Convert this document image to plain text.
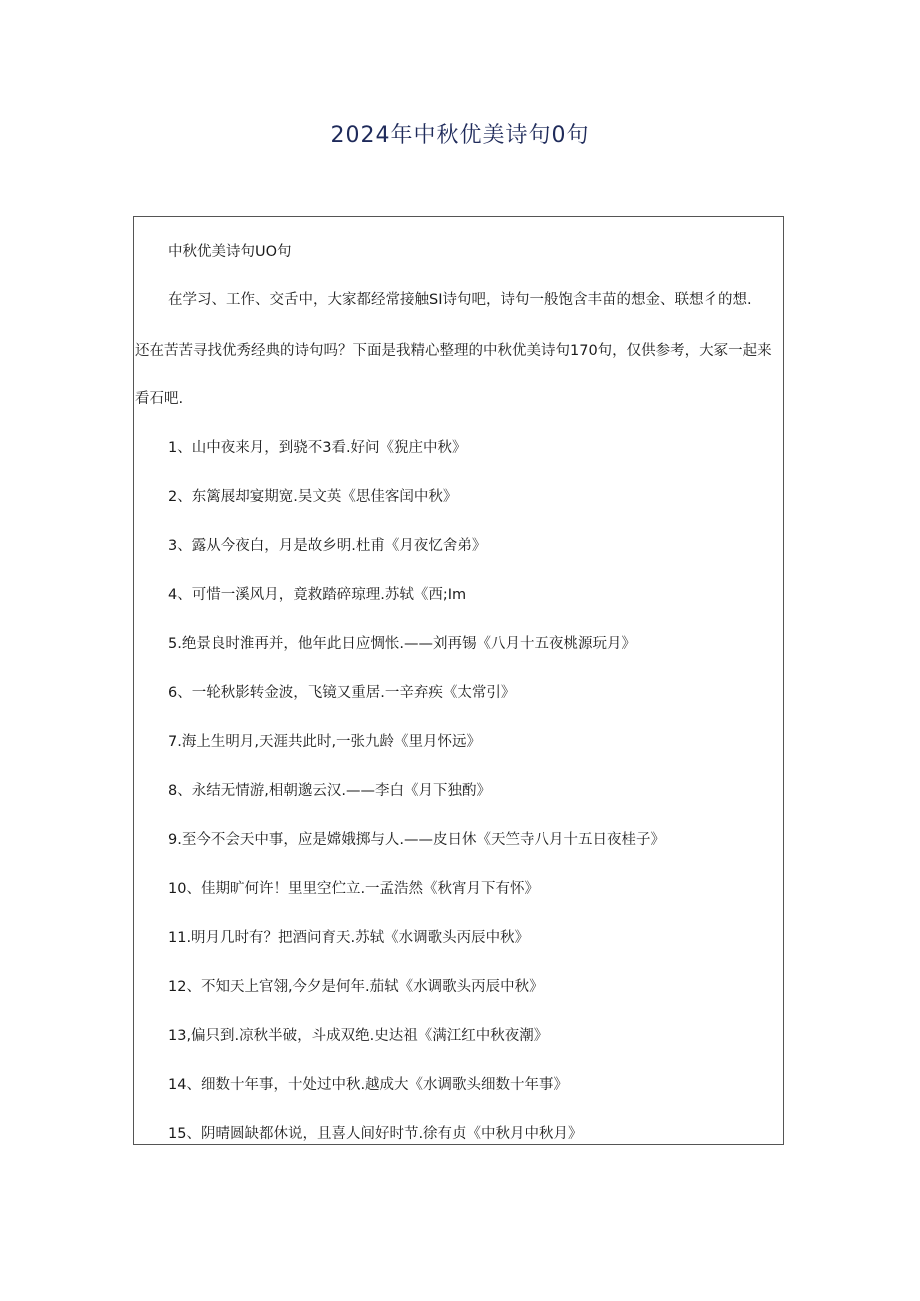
2024年中秋优美诗句0句
中秋优美诗句UO句
在学习、工作、交舌中，大家都经常接触SI诗句吧，诗句一般饱含丰苗的想金、联想彳的想.
还在苦苦寻找优秀经典的诗句吗？下面是我精心整理的中秋优美诗句170句，仅供参考，大冢一起来
看石吧.
1、山中夜来月，到骁不3看.好问《猊庄中秋》
2、东篱展却宴期宽.吴文英《思佳客闰中秋》
3、露从今夜白，月是故乡明.杜甫《月夜忆舍弟》
4、可惜一溪风月，竟救踏碎琼理.苏轼《西;Im
5.绝景良时淮再并，他年此日应惆怅.——刘再锡《八月十五夜桃源玩月》
6、一轮秋影转金波，飞镜又重居.一辛弃疾《太常引》
7.海上生明月,天涯共此时,一张九龄《里月怀远》
8、永结无情游,相朝邈云汉.——李白《月下独酌》
9.至今不会天中事，应是嫦娥掷与人.——皮日休《天竺寺八月十五日夜桂子》
10、佳期旷何许！里里空伫立.一孟浩然《秋宵月下有怀》
11.明月几时有？把酒问育天.苏轼《水调歌头丙辰中秋》
12、不知天上官翎,今夕是何年.茄轼《水调歌头丙辰中秋》
13,偏只到.凉秋半破，斗成双绝.史达祖《满江红中秋夜潮》
14、细数十年事，十处过中秋.越成大《水调歌头细数十年事》
15、阴晴圆缺都休说，且喜人间好时节.徐有贞《中秋月中秋月》
